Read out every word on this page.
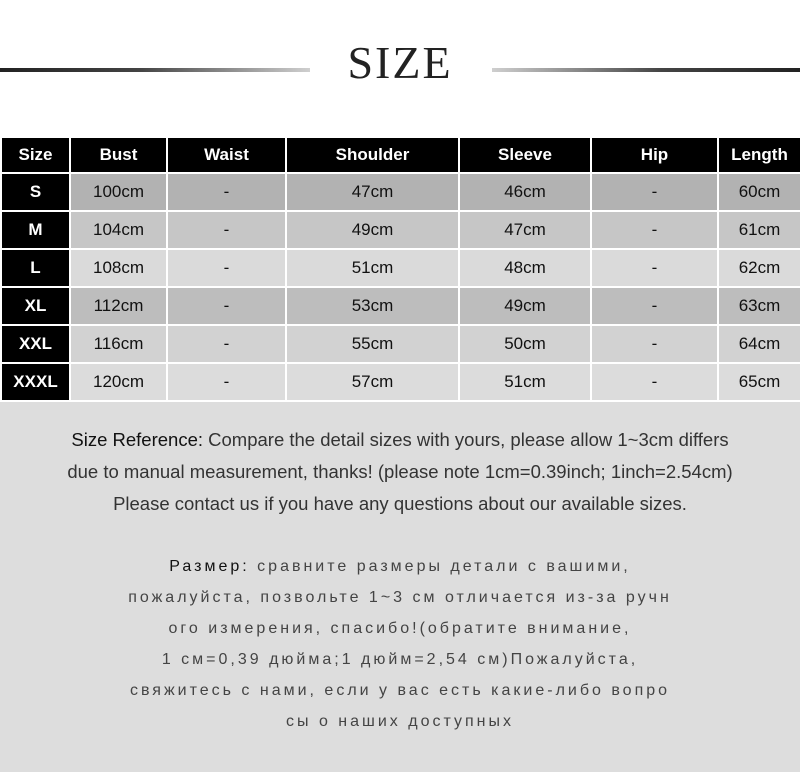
SIZE
Size	Bust	Waist	Shoulder	Sleeve	Hip	Length
S	100cm	-	47cm	46cm	-	60cm
M	104cm	-	49cm	47cm	-	61cm
L	108cm	-	51cm	48cm	-	62cm
XL	112cm	-	53cm	49cm	-	63cm
XXL	116cm	-	55cm	50cm	-	64cm
XXXL	120cm	-	57cm	51cm	-	65cm
Size Reference: Compare the detail sizes with yours, please allow 1~3cm differs
due to manual measurement, thanks! (please note 1cm=0.39inch; 1inch=2.54cm)
Please contact us if you have any questions about our available sizes.
Размер: сравните размеры детали с вашими,
пожалуйста, позвольте 1~3 см отличается из-за ручн
ого измерения, спасибо!(обратите внимание,
1 см=0,39 дюйма;1 дюйм=2,54 см)Пожалуйста,
свяжитесь с нами, если у вас есть какие-либо вопро
сы о наших доступных
